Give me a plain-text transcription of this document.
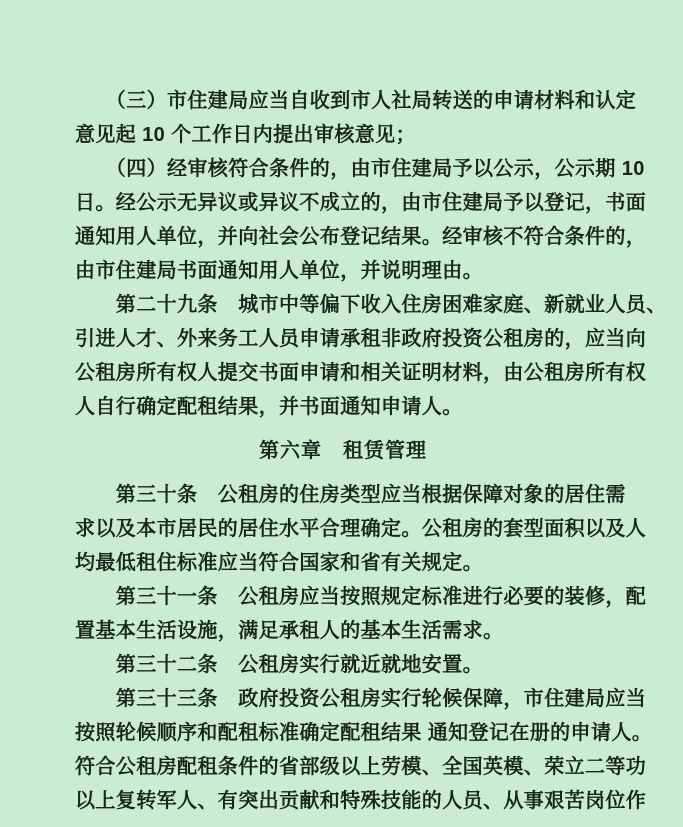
　　（三）市住建局应当自收到市人社局转送的申请材料和认定
意见起 10 个工作日内提出审核意见；
　　（四）经审核符合条件的，由市住建局予以公示，公示期 10
日。经公示无异议或异议不成立的，由市住建局予以登记，书面
通知用人单位，并向社会公布登记结果。经审核不符合条件的，
由市住建局书面通知用人单位，并说明理由。
　　第二十九条　城市中等偏下收入住房困难家庭、新就业人员、
引进人才、外来务工人员申请承租非政府投资公租房的，应当向
公租房所有权人提交书面申请和相关证明材料，由公租房所有权
人自行确定配租结果，并书面通知申请人。
第六章　租赁管理
　　第三十条　公租房的住房类型应当根据保障对象的居住需
求以及本市居民的居住水平合理确定。公租房的套型面积以及人
均最低租住标准应当符合国家和省有关规定。
　　第三十一条　公租房应当按照规定标准进行必要的装修，配
置基本生活设施，满足承租人的基本生活需求。
　　第三十二条　公租房实行就近就地安置。
　　第三十三条　政府投资公租房实行轮候保障，市住建局应当
按照轮候顺序和配租标准确定配租结果 通知登记在册的申请人。
符合公租房配租条件的省部级以上劳模、全国英模、荣立二等功
以上复转军人、有突出贡献和特殊技能的人员、从事艰苦岗位作
